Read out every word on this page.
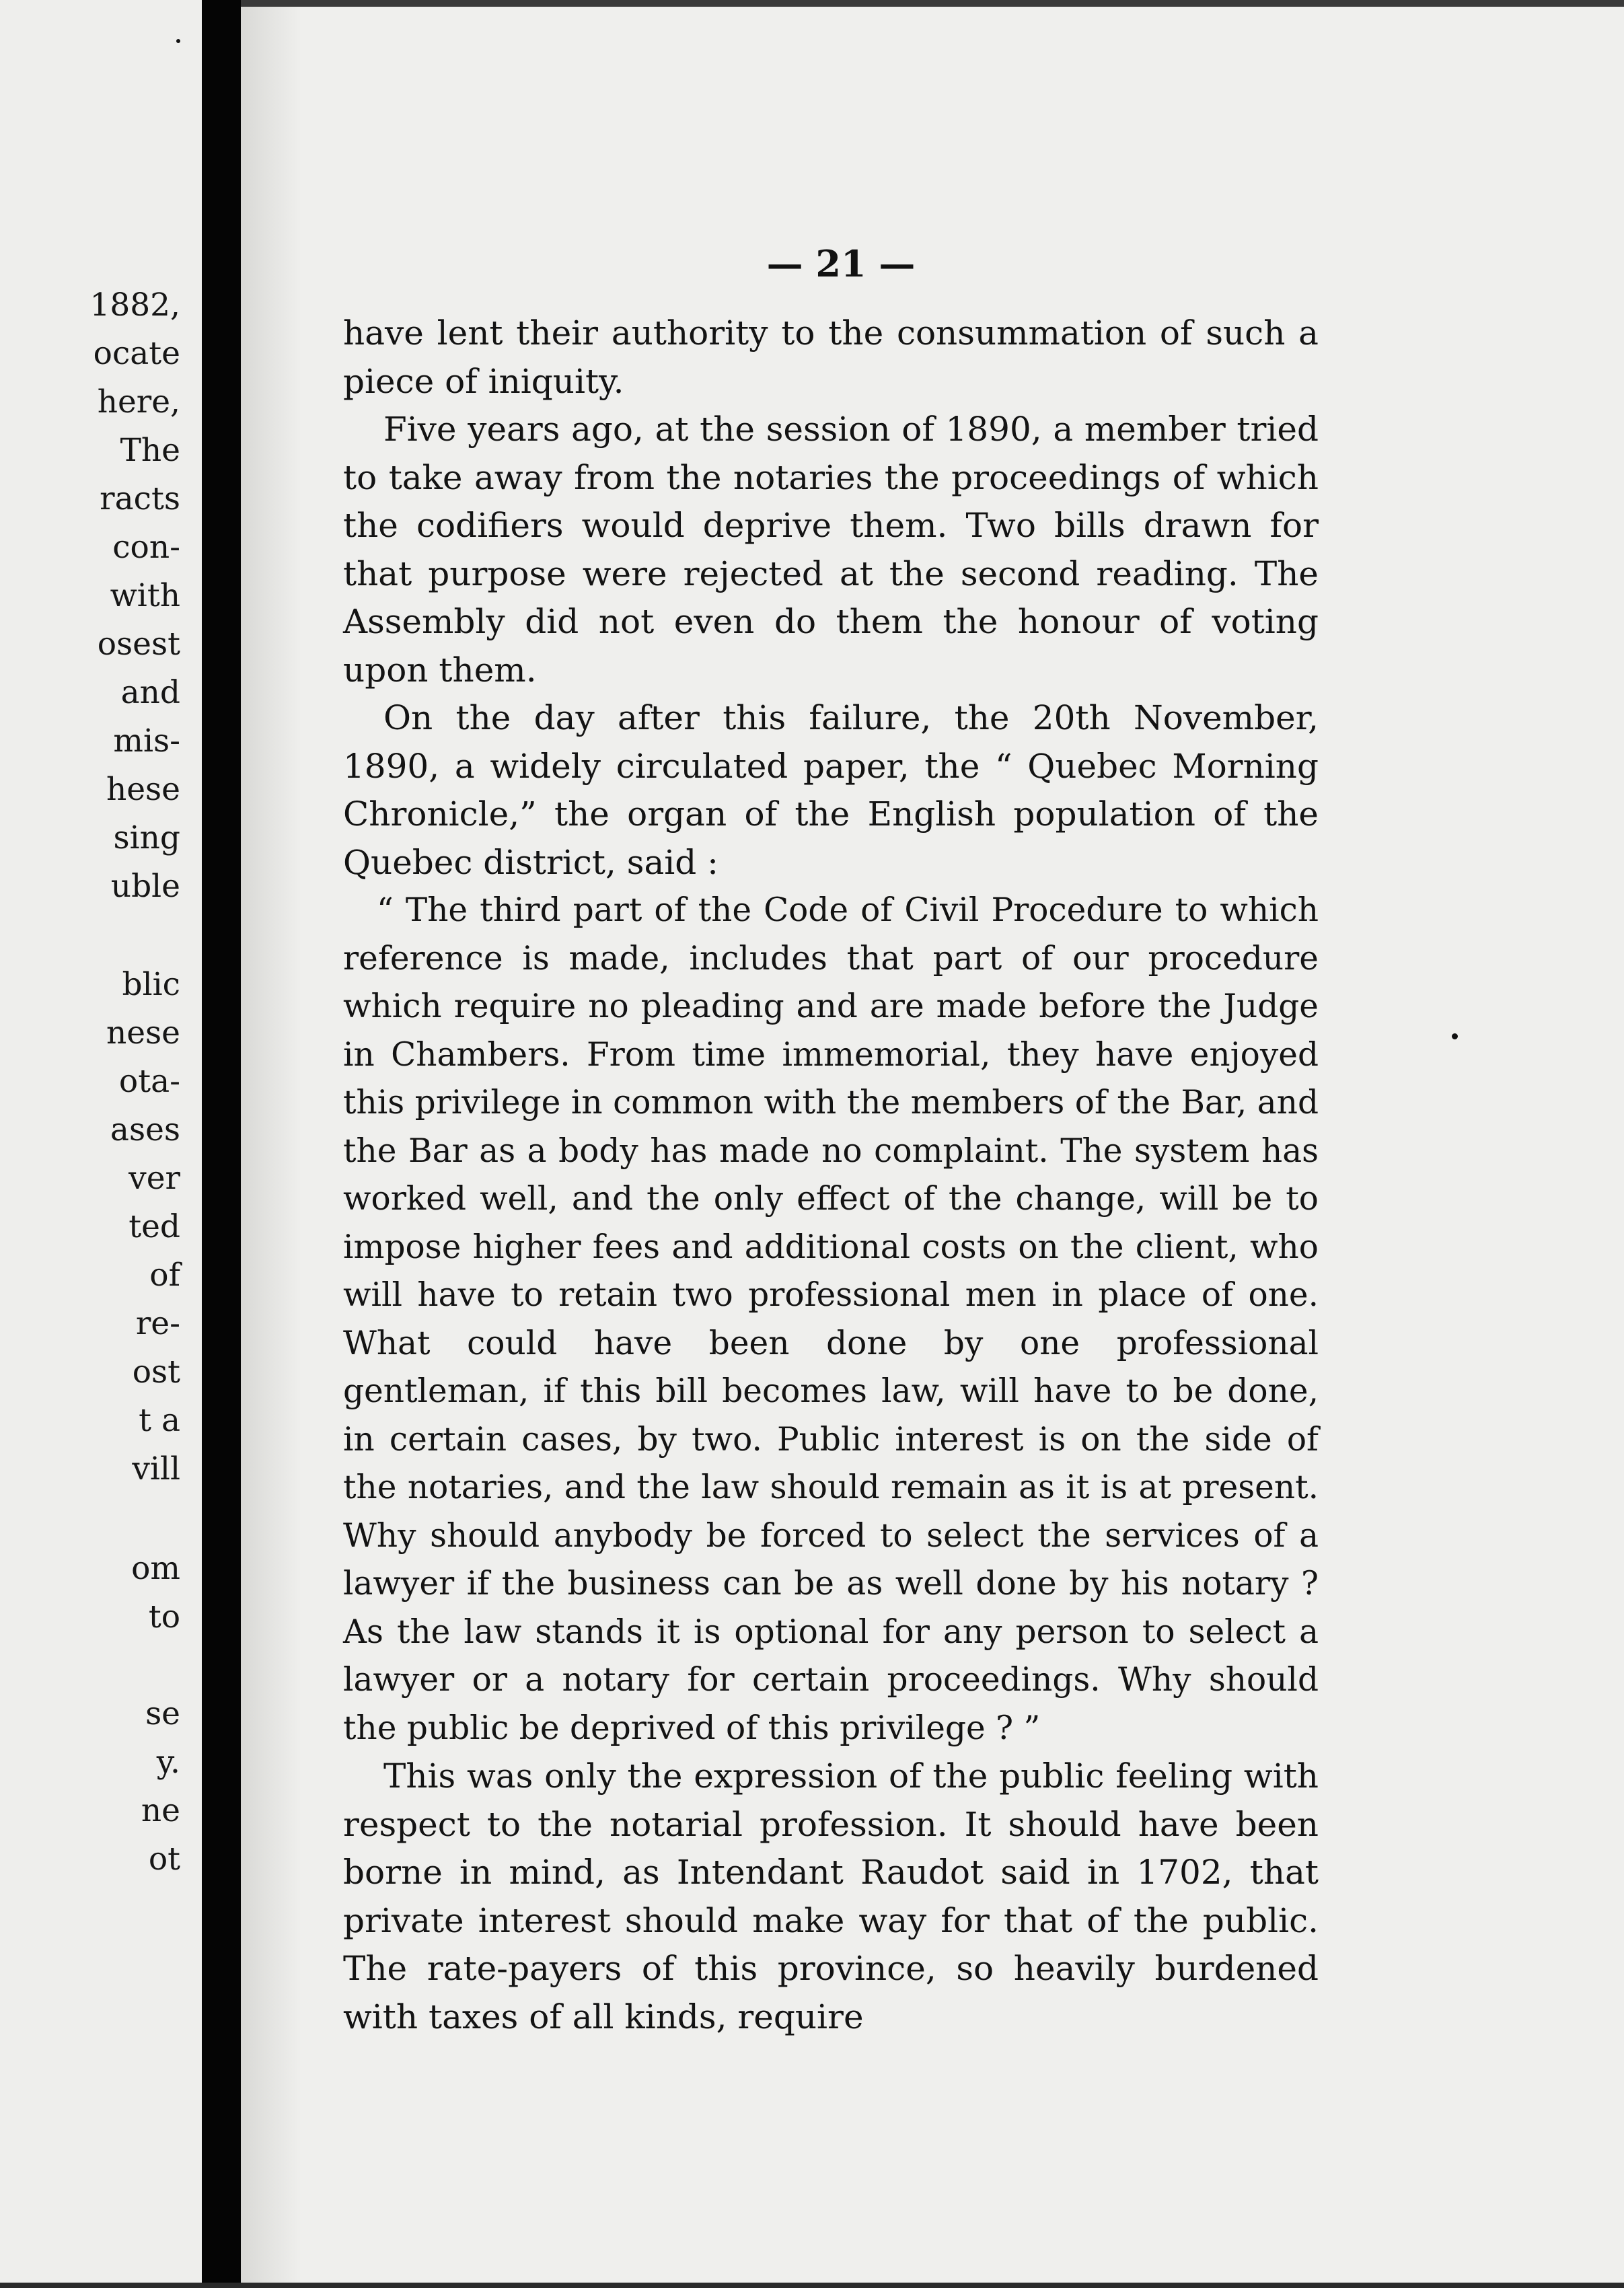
1882,
ocate
here,
The
racts
con-
with
osest
and
mis-
hese
sing
uble
blic
nese
ota-
ases
ver
ted
of
re-
ost
t a
vill
om
to
se
y.
ne
ot
— 21 —

have lent their authority to the consummation of such a piece of iniquity.

Five years ago, at the session of 1890, a member tried to take away from the notaries the proceedings of which the codifiers would deprive them. Two bills drawn for that purpose were rejected at the second reading. The Assembly did not even do them the honour of voting upon them.

On the day after this failure, the 20th November, 1890, a widely circulated paper, the “ Quebec Morning Chronicle,” the organ of the English population of the Quebec district, said :

“ The third part of the Code of Civil Procedure to which reference is made, includes that part of our procedure which require no pleading and are made before the Judge in Chambers. From time immemorial, they have enjoyed this privilege in common with the members of the Bar, and the Bar as a body has made no complaint. The system has worked well, and the only effect of the change, will be to impose higher fees and additional costs on the client, who will have to retain two professional men in place of one. What could have been done by one professional gentleman, if this bill becomes law, will have to be done, in certain cases, by two. Public interest is on the side of the notaries, and the law should remain as it is at present. Why should anybody be forced to select the services of a lawyer if the business can be as well done by his notary ? As the law stands it is optional for any person to select a lawyer or a notary for certain proceedings. Why should the public be deprived of this privilege ? ”

This was only the expression of the public feeling with respect to the notarial profession. It should have been borne in mind, as Intendant Raudot said in 1702, that private interest should make way for that of the public. The rate-payers of this province, so heavily burdened with taxes of all kinds, require
